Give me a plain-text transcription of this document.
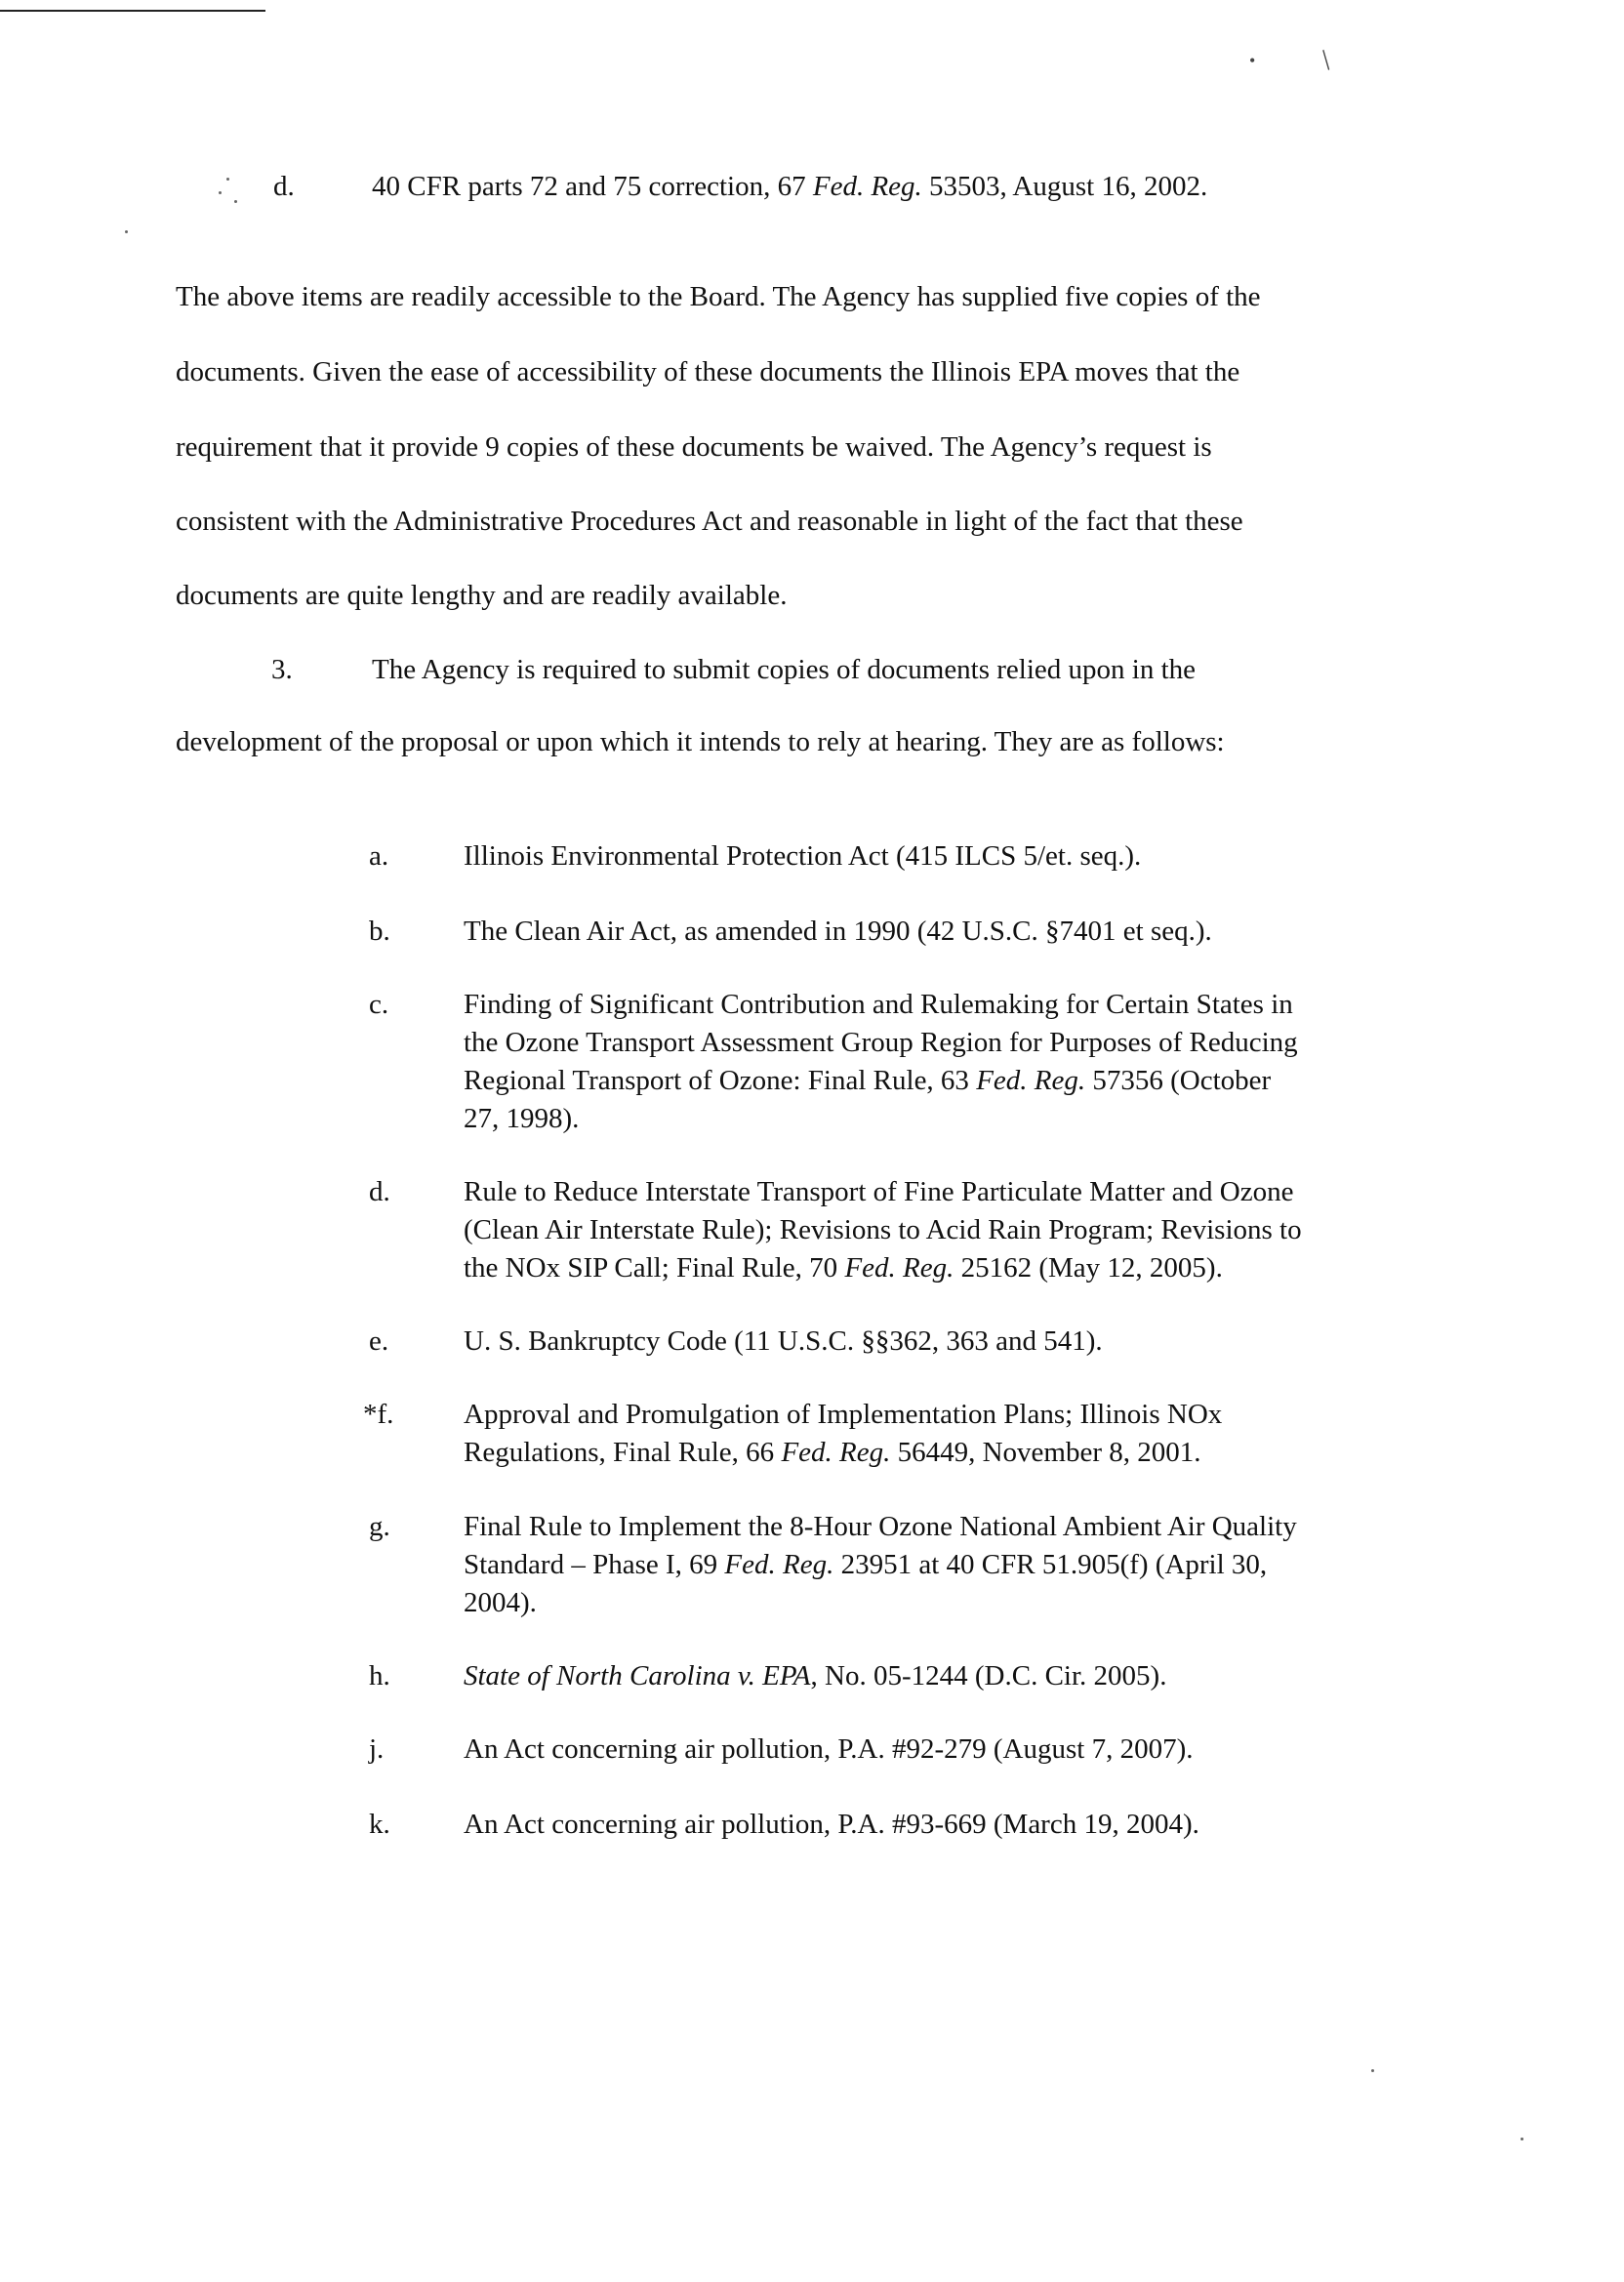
• /
d.	40 CFR parts 72 and 75 correction, 67 Fed. Reg. 53503, August 16, 2002.
The above items are readily accessible to the Board. The Agency has supplied five copies of the
documents. Given the ease of accessibility of these documents the Illinois EPA moves that the
requirement that it provide 9 copies of these documents be waived. The Agency’s request is
consistent with the Administrative Procedures Act and reasonable in light of the fact that these
documents are quite lengthy and are readily available.
3.	The Agency is required to submit copies of documents relied upon in the
development of the proposal or upon which it intends to rely at hearing. They are as follows:
a.	Illinois Environmental Protection Act (415 ILCS 5/et. seq.).
b.	The Clean Air Act, as amended in 1990 (42 U.S.C. §7401 et seq.).
c.	Finding of Significant Contribution and Rulemaking for Certain States in
the Ozone Transport Assessment Group Region for Purposes of Reducing
Regional Transport of Ozone: Final Rule, 63 Fed. Reg. 57356 (October
27, 1998).
d.	Rule to Reduce Interstate Transport of Fine Particulate Matter and Ozone
(Clean Air Interstate Rule); Revisions to Acid Rain Program; Revisions to
the NOx SIP Call; Final Rule, 70 Fed. Reg. 25162 (May 12, 2005).
e.	U. S. Bankruptcy Code (11 U.S.C. §§362, 363 and 541).
*f. Approval and Promulgation of Implementation Plans; Illinois NOx
Regulations, Final Rule, 66 Fed. Reg. 56449, November 8, 2001.
g.	Final Rule to Implement the 8-Hour Ozone National Ambient Air Quality
Standard – Phase I, 69 Fed. Reg. 23951 at 40 CFR 51.905(f) (April 30,
2004).
h.	State of North Carolina v. EPA, No. 05-1244 (D.C. Cir. 2005).
j.	An Act concerning air pollution, P.A. #92-279 (August 7, 2007).
k.	An Act concerning air pollution, P.A. #93-669 (March 19, 2004).
